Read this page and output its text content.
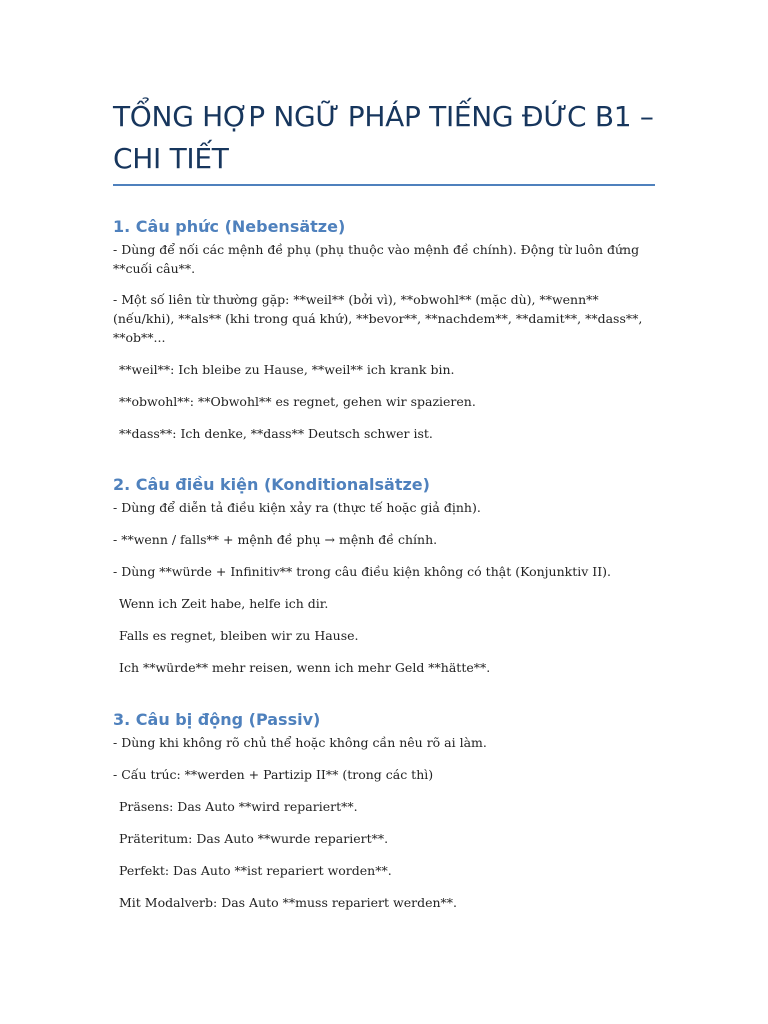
TỔNG HỢP NGỮ PHÁP TIẾNG ĐỨC B1 –
CHI TIẾT
1. Câu phức (Nebensätze)

- Dùng để nối các mệnh đề phụ (phụ thuộc vào mệnh đề chính). Động từ luôn đứng **cuối câu**.

- Một số liên từ thường gặp: **weil** (bởi vì), **obwohl** (mặc dù), **wenn** (nếu/khi), **als** (khi trong quá khứ), **bevor**, **nachdem**, **damit**, **dass**, **ob**...

**weil**: Ich bleibe zu Hause, **weil** ich krank bin.

**obwohl**: **Obwohl** es regnet, gehen wir spazieren.

**dass**: Ich denke, **dass** Deutsch schwer ist.

2. Câu điều kiện (Konditionalsätze)

- Dùng để diễn tả điều kiện xảy ra (thực tế hoặc giả định).

- **wenn / falls** + mệnh đề phụ → mệnh đề chính.

- Dùng **würde + Infinitiv** trong câu điều kiện không có thật (Konjunktiv II).

Wenn ich Zeit habe, helfe ich dir.

Falls es regnet, bleiben wir zu Hause.

Ich **würde** mehr reisen, wenn ich mehr Geld **hätte**.

3. Câu bị động (Passiv)

- Dùng khi không rõ chủ thể hoặc không cần nêu rõ ai làm.

- Cấu trúc: **werden + Partizip II** (trong các thì)

Präsens: Das Auto **wird repariert**.

Präteritum: Das Auto **wurde repariert**.

Perfekt: Das Auto **ist repariert worden**.

Mit Modalverb: Das Auto **muss repariert werden**.
